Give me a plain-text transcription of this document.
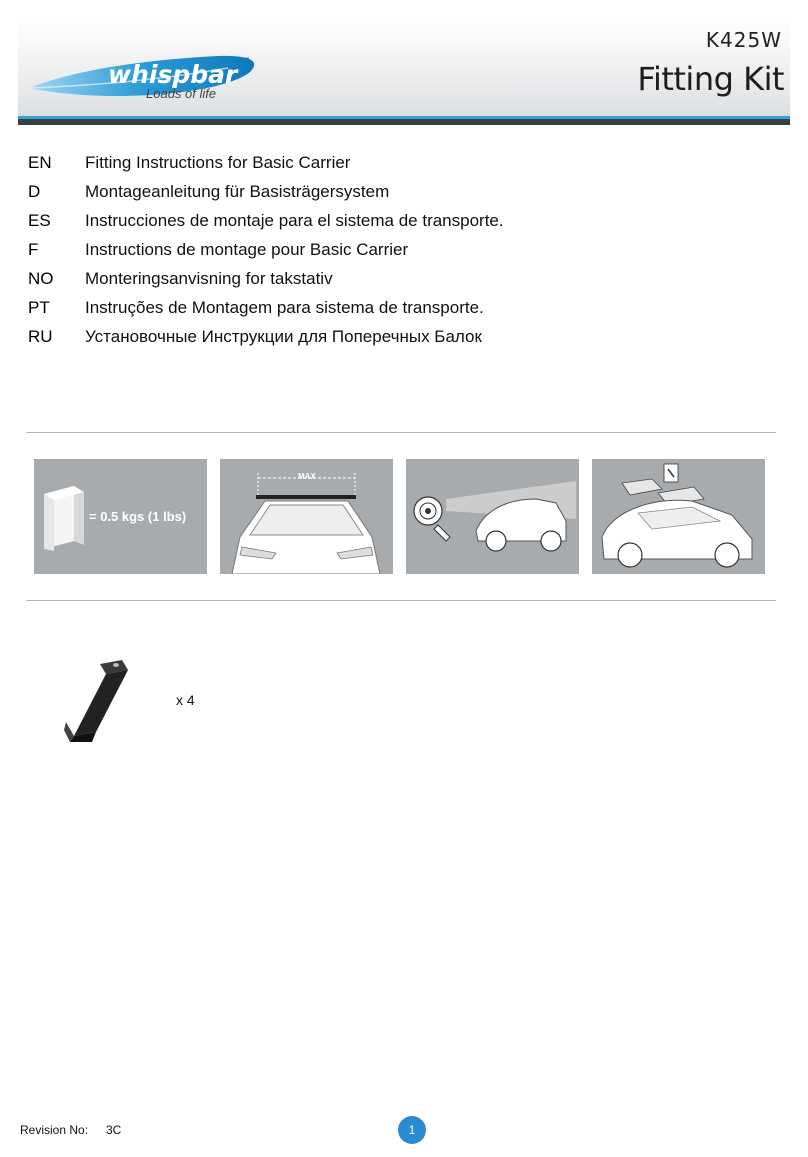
whispbar ™
Loads of life
K425W
Fitting Kit
EN	Fitting Instructions for Basic Carrier
D	Montageanleitung für Basisträgersystem
ES	Instrucciones de montaje para el sistema de transporte.
F	Instructions de montage pour Basic Carrier
NO	Monteringsanvisning for takstativ
PT	Instruções de Montagem para sistema de transporte.
RU	Установочные Инструкции для Поперечных Балок
= 0.5 kgs (1 lbs)
MAX
x 4
Revision No: 3C	1
